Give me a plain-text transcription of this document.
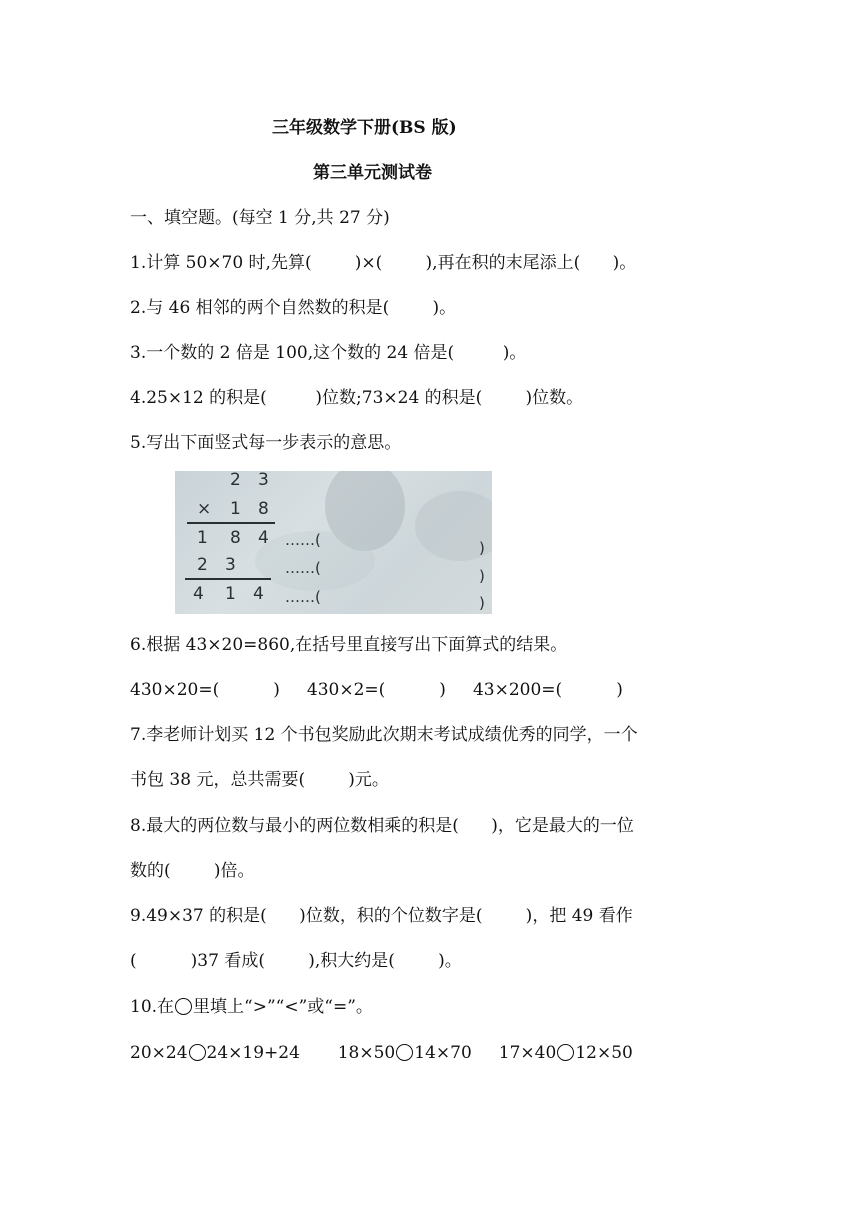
三年级数学下册(BS 版)
第三单元测试卷
一、填空题。(每空 1 分,共 27 分)
1.计算 50×70 时,先算(        )×(        ),再在积的末尾添上(      )。
2.与 46 相邻的两个自然数的积是(        )。
3.一个数的 2 倍是 100,这个数的 24 倍是(         )。
4.25×12 的积是(         )位数;73×24 的积是(        )位数。
5.写出下面竖式每一步表示的意思。
2 3
× 1 8
1 8 4
2 3
4 1 4
……(	)
……(	)
……(	)
6.根据 43×20=860,在括号里直接写出下面算式的结果。
430×20=(          )     430×2=(          )     43×200=(          )
7.李老师计划买 12 个书包奖励此次期末考试成绩优秀的同学，一个
书包 38 元，总共需要(        )元。
8.最大的两位数与最小的两位数相乘的积是(      )，它是最大的一位
数的(        )倍。
9.49×37 的积是(      )位数，积的个位数字是(        )，把 49 看作
(          )37 看成(        ),积大约是(        )。
10.在 里填上“>”“<”或“=”。
20×24 24×19+24 18×50 14×70 17×40 12×50
